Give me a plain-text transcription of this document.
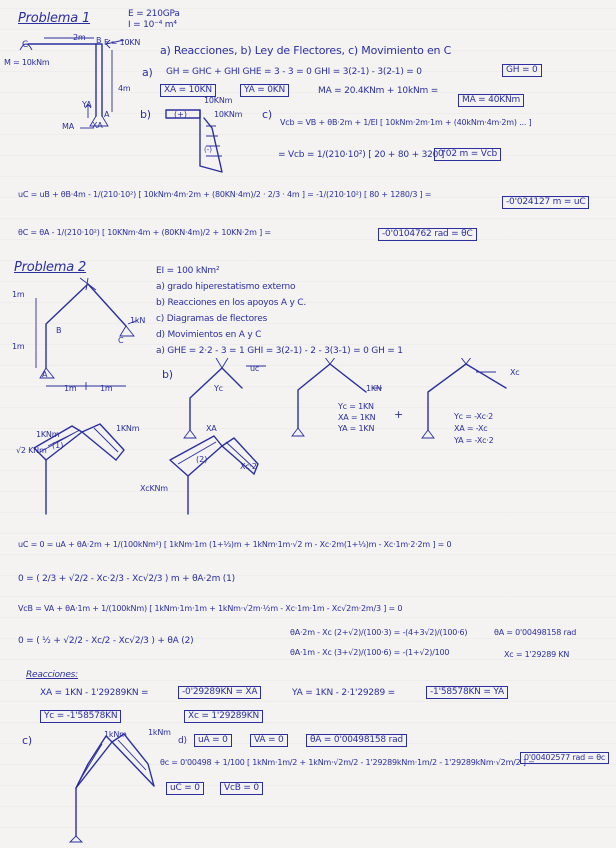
Problema 1	E = 210GPa
I = 10⁻⁴ m⁴
a) Reacciones, b) Ley de Flectores, c) Movimiento en C
C
2m B F = 10KN
M = 10kNm
4m
A
MA XA
YA
a) GH = GHC + GHI GHE = 3 - 3 = 0 GHI = 3(2-1) - 3(2-1) = 0	GH = 0
XA = 10KN	YA = 0KN	MA = 20.4KNm + 10kNm =
MA = 40KNm
b)	(+)
(-)
10KNm
10KNm c)
Vcb = VB + θB·2m + 1/EI [ 10kNm·2m·1m + (40kNm·4m·2m) ... ]
= Vcb = 1/(210·10²) [ 20 + 80 + 320 ]
0'02 m = Vcb
uC = uB + θB·4m - 1/(210·10²) [ 10kNm·4m·2m + (80KN·4m)/2 · 2/3 · 4m ] = -1/(210·10²) [ 80 + 1280/3 ] =
-0'024127 m = uC
θC = θA - 1/(210·10²) [ 10KNm·4m + (80KN·4m)/2 + 10KN·2m ] =	-0'0104762 rad = θC
Problema 2	EI = 100 kNm²
a) grado hiperestatismo externo
b) Reacciones en los apoyos A y C.
c) Diagramas de flectores
d) Movimientos en A y C
1m
1m
B
A
C
1kN
1m	1m
a) GHE = 2·2 - 3 = 1 GHI = 3(2-1) - 2 - 3(3-1) = 0 GH = 1
b)
Yc
uc
XA
1KN
Yc = 1KN
XA = 1KN
YA = 1KN
+
Xc
Yc = -Xc·2
XA = -Xc
YA = -Xc·2
(1)
(2)
1KNm
1KNm
√2 KNm
XcKNm
Xc·2
uC = 0 = uA + θA·2m + 1/(100kNm²) [ 1kNm·1m (1+⅓)m + 1kNm·1m·√2 m - Xc·2m(1+⅓)m - Xc·1m·2·2m ] = 0
0 = ( 2/3 + √2/2 - Xc·2/3 - Xc√2/3 ) m + θA·2m (1)
VcB = VA + θA·1m + 1/(100kNm) [ 1kNm·1m·1m + 1kNm·√2m·½m - Xc·1m·1m - Xc√2m·2m/3 ] = 0
0 = ( ½ + √2/2 - Xc/2 - Xc√2/3 ) + θA (2)
θA·2m - Xc (2+√2)/(100·3) = -(4+3√2)/(100·6)
θA·1m - Xc (3+√2)/(100·6) = -(1+√2)/100
θA = 0'00498158 rad
Xc = 1'29289 KN
Reacciones:
XA = 1KN - 1'29289KN =	-0'29289KN = XA	YA = 1KN - 2·1'29289 =	-1'58578KN = YA
Yc = -1'58578KN	Xc = 1'29289KN
c)	1kNm	1kNm
d)	uA = 0	VA = 0	θA = 0'00498158 rad
θc = 0'00498 + 1/100 [ 1kNm·1m/2 + 1kNm·√2m/2 - 1'29289kNm·1m/2 - 1'29289kNm·√2m/2 ] =
0'00402577 rad = θc
uC = 0	VcB = 0
